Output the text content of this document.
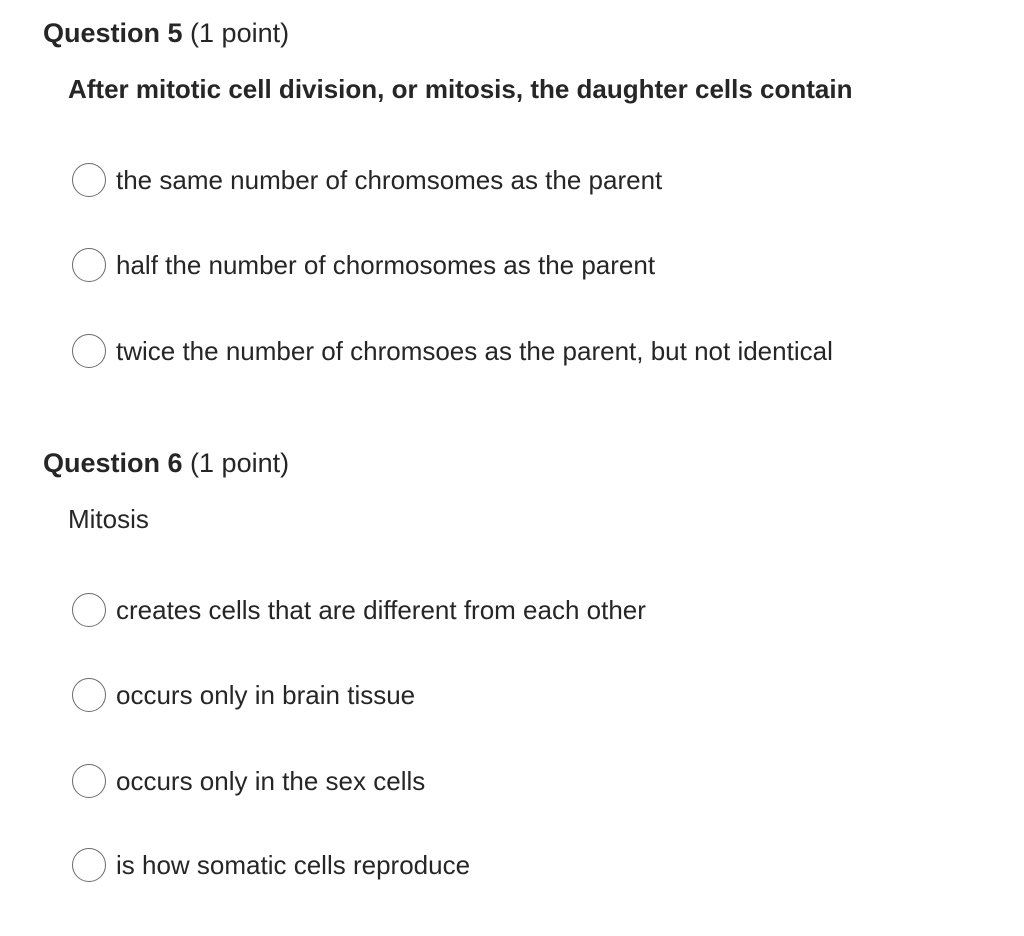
Question 5 (1 point)
After mitotic cell division, or mitosis, the daughter cells contain
the same number of chromsomes as the parent
half the number of chormosomes as the parent
twice the number of chromsoes as the parent, but not identical
Question 6 (1 point)
Mitosis
creates cells that are different from each other
occurs only in brain tissue
occurs only in the sex cells
is how somatic cells reproduce
